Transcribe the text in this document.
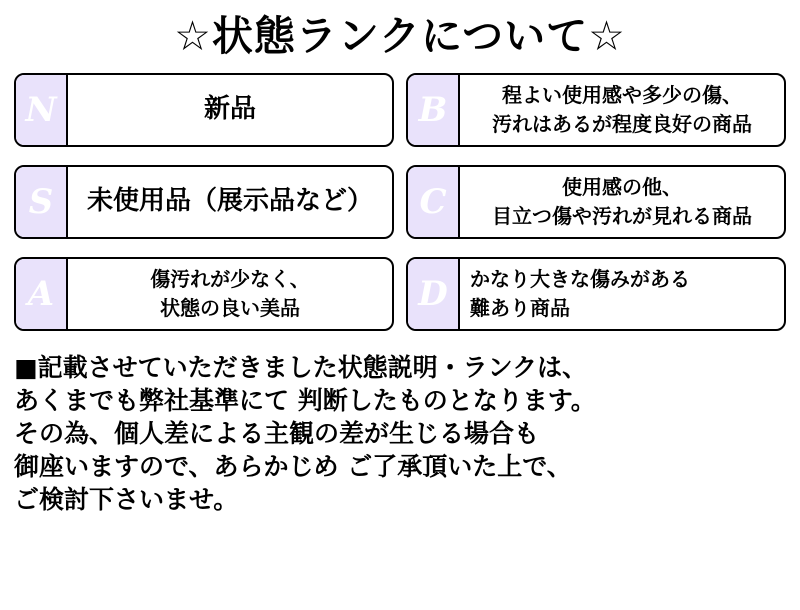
☆状態ランクについて☆
N	新品	B	程よい使用感や多少の傷、
汚れはあるが程度良好の商品
S	未使用品（展示品など）	C	使用感の他、
目立つ傷や汚れが見れる商品
A	傷汚れが少なく、
状態の良い美品	D	かなり大きな傷みがある
難あり商品
■記載させていただきました状態説明・ランクは、
あくまでも弊社基準にて 判断したものとなります。
その為、個人差による主観の差が生じる場合も
御座いますので、あらかじめ ご了承頂いた上で、
ご検討下さいませ。
